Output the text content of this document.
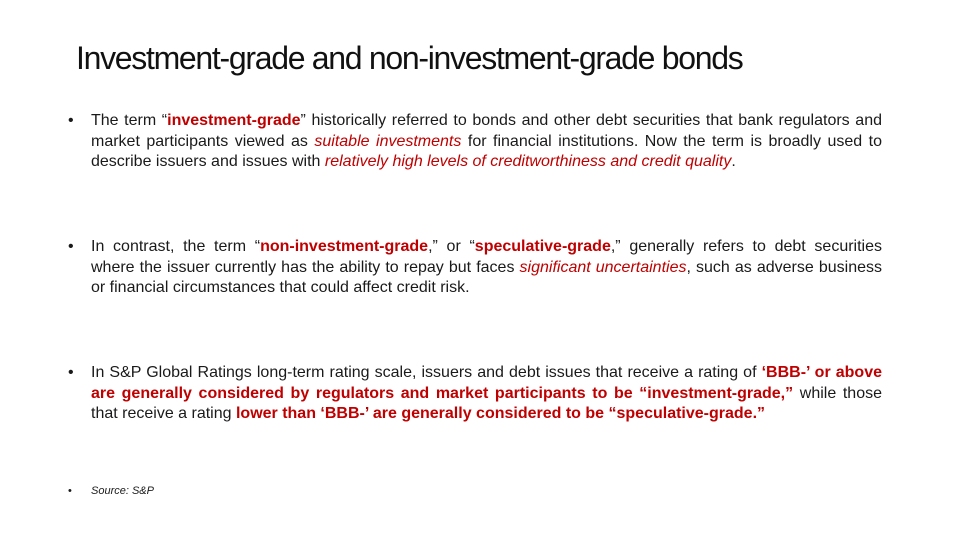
Investment-grade and non-investment-grade bonds
•	The term “investment-grade” historically referred to bonds and other debt securities that bank regulators and market participants viewed as suitable investments for financial institutions. Now the term is broadly used to describe issuers and issues with relatively high levels of creditworthiness and credit quality.
•	In contrast, the term “non-investment-grade,” or “speculative-grade,” generally refers to debt securities where the issuer currently has the ability to repay but faces significant uncertainties, such as adverse business or financial circumstances that could affect credit risk.
•	In S&P Global Ratings long-term rating scale, issuers and debt issues that receive a rating of ‘BBB-’ or above are generally considered by regulators and market participants to be “investment-grade,” while those that receive a rating lower than ‘BBB-’ are generally considered to be “speculative-grade.”
•	Source: S&P
